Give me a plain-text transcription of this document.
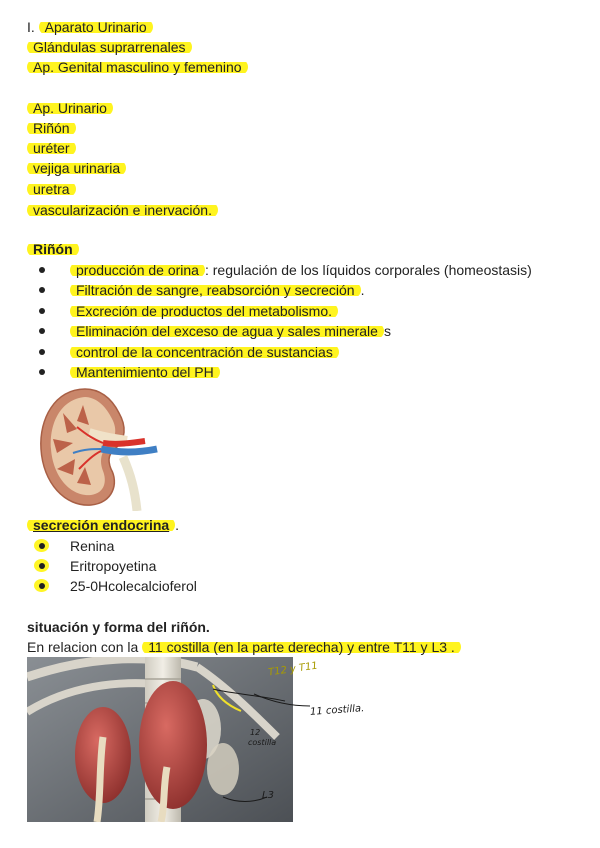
I. Aparato Urinario
Glándulas suprarrenales
Ap. Genital masculino y femenino
Ap. Urinario
Riñón
uréter
vejiga urinaria
uretra
vascularización e inervación.
Riñón
producción de orina : regulación de los líquidos corporales (homeostasis)
Filtración de sangre, reabsorción y secreción .
Excreción de productos del metabolismo.
Eliminación del exceso de agua y sales minerale s
control de la concentración de sustancias
Mantenimiento del PH
secreción endocrina .
Renina
Eritropoyetina
25-0Hcolecalcioferol
situación y forma del riñón.
En relacion con la 11 costilla (en la parte derecha) y entre T11 y L3 .
T12 y T11
11 costilla.
12
costilla
L3
